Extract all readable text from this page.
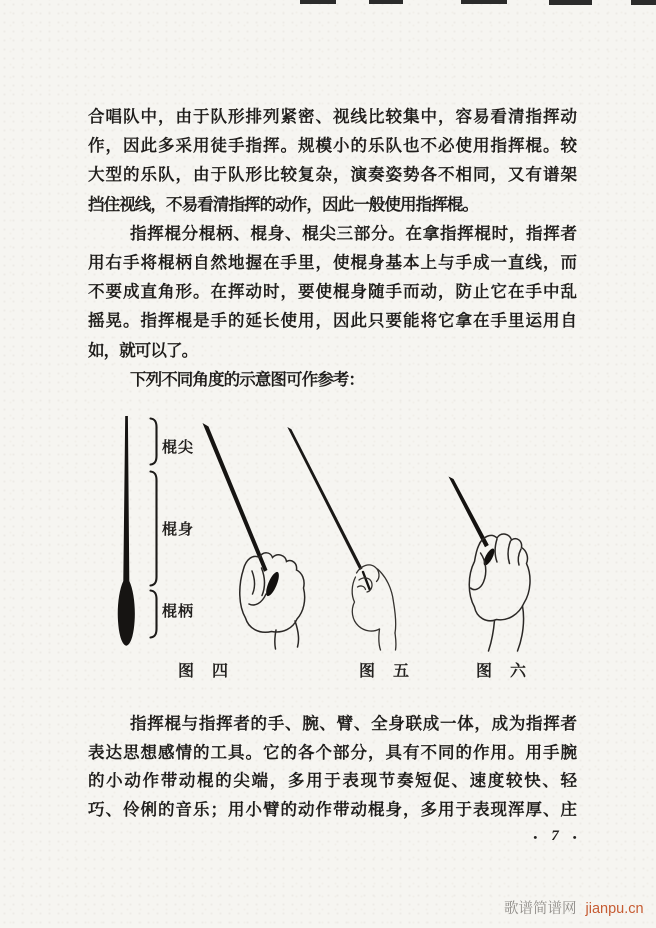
合唱队中，由于队形排列紧密、视线比较集中，容易看清指挥动
作，因此多采用徒手指挥。规模小的乐队也不必使用指挥棍。较
大型的乐队，由于队形比较复杂，演奏姿势各不相同，又有谱架
挡住视线，不易看清指挥的动作，因此一般使用指挥棍。
指挥棍分棍柄、棍身、棍尖三部分。在拿指挥棍时，指挥者
用右手将棍柄自然地握在手里，使棍身基本上与手成一直线，而
不要成直角形。在挥动时，要使棍身随手而动，防止它在手中乱
摇晃。指挥棍是手的延长使用，因此只要能将它拿在手里运用自
如，就可以了。
下列不同角度的示意图可作参考：
棍尖
棍身
棍柄
图　四	图　五	图　六
指挥棍与指挥者的手、腕、臂、全身联成一体，成为指挥者
表达思想感情的工具。它的各个部分，具有不同的作用。用手腕
的小动作带动棍的尖端，多用于表现节奏短促、速度较快、轻
巧、伶俐的音乐；用小臂的动作带动棍身，多用于表现浑厚、庄
• 7 •
歌谱简谱网 jianpu.cn
